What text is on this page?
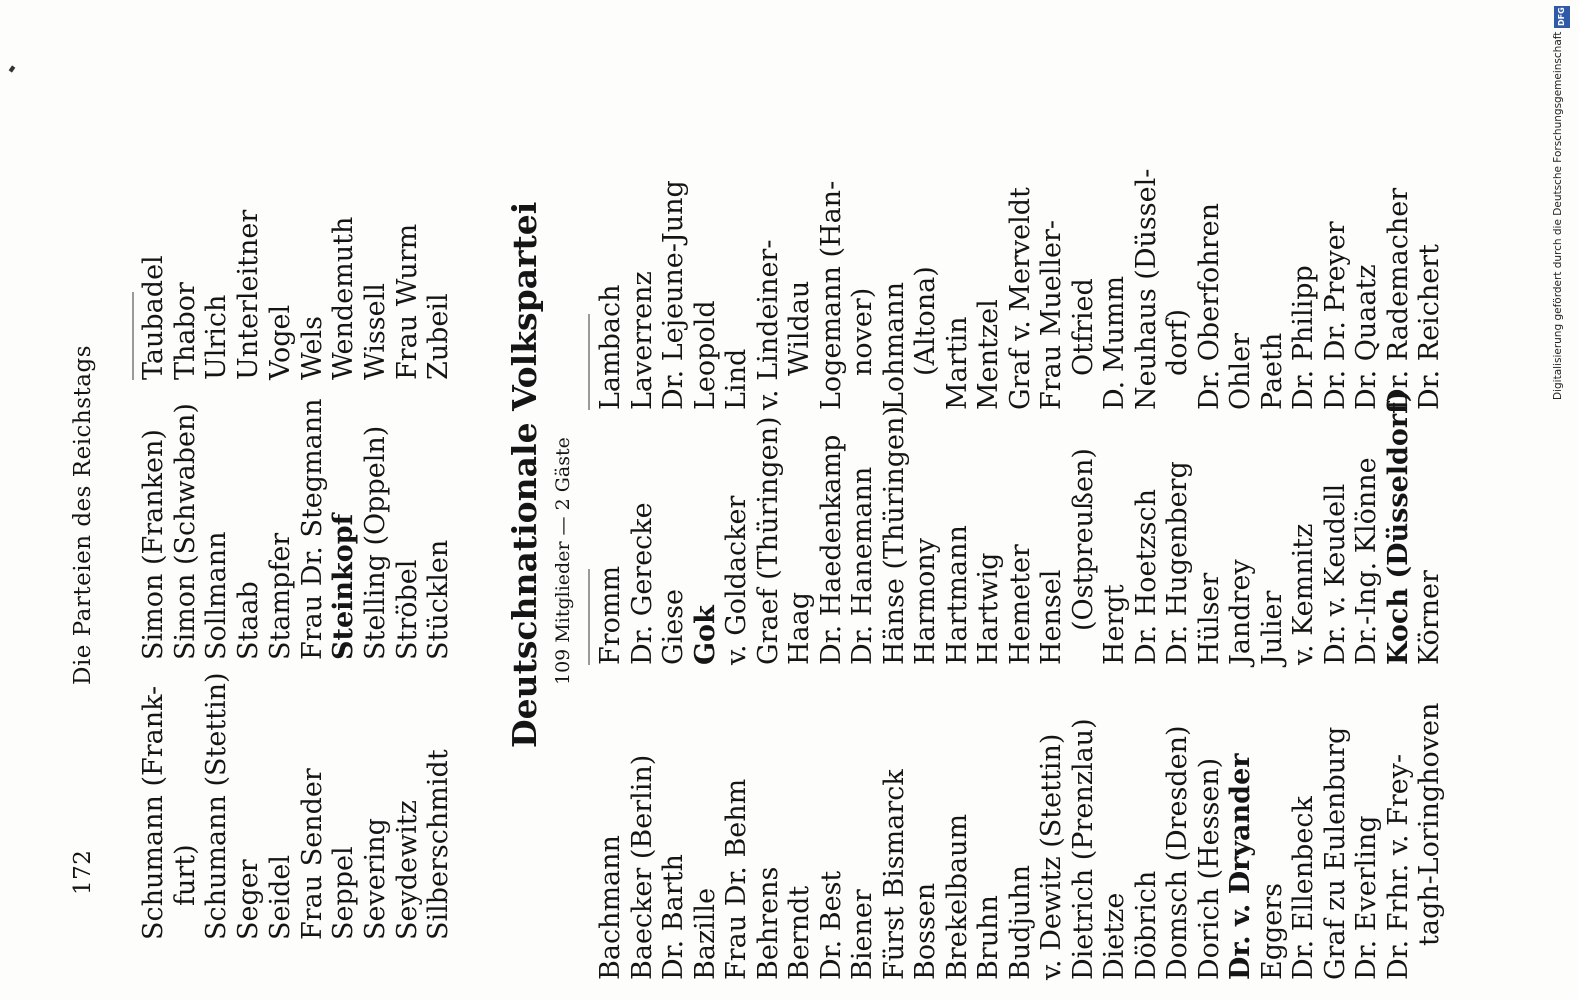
172
Die Parteien des Reichstags
Schumann (Frank- furt) Schumann (Stettin) Seger Seidel Frau Sender Seppel Severing Seydewitz Silberschmidt
Simon (Franken) Simon (Schwaben) Sollmann Staab Stampfer Frau Dr. Stegmann Steinkopf Stelling (Oppeln) Ströbel Stücklen
Taubadel Thabor Ulrich Unterleitner Vogel Wels Wendemuth Wissell Frau Wurm Zubeil Deutschnationale Volkspartei 109 Mitglieder — 2 Gäste
Bachmann Baecker (Berlin) Dr. Barth Bazille Frau Dr. Behm Behrens Berndt Dr. Best Biener Fürst Bismarck Bossen Brekelbaum Bruhn Budjuhn v. Dewitz (Stettin) Dietrich (Prenzlau) Dietze Döbrich Domsch (Dresden) Dorich (Hessen) Dr. v. Dryander Eggers Dr. Ellenbeck Graf zu Eulenburg Dr. Everling Dr. Frhr. v. Frey- tagh-Loringhoven
Fromm Dr. Gerecke Giese Gok v. Goldacker Graef (Thüringen) Haag Dr. Haedenkamp Dr. Hanemann Hänse (Thüringen) Harmony Hartmann Hartwig Hemeter Hensel (Ostpreußen) Hergt Dr. Hoetzsch Dr. Hugenberg Hülser Jandrey Julier v. Kemnitz Dr. v. Keudell Dr.-Ing. Klönne Koch (Düsseldorf) Körner
Lambach Laverrenz Dr. Lejeune-Jung Leopold Lind v. Lindeiner- Wildau Logemann (Han- nover) Lohmann (Altona) Martin Mentzel Graf v. Merveldt Frau Mueller- Otfried D. Mumm Neuhaus (Düssel- dorf) Dr. Oberfohren Ohler Paeth Dr. Philipp Dr. Dr. Preyer Dr. Quaatz Dr. Rademacher Dr. Reichert
DFG
Digitalisierung gefördert durch die Deutsche Forschungsgemeinschaft
